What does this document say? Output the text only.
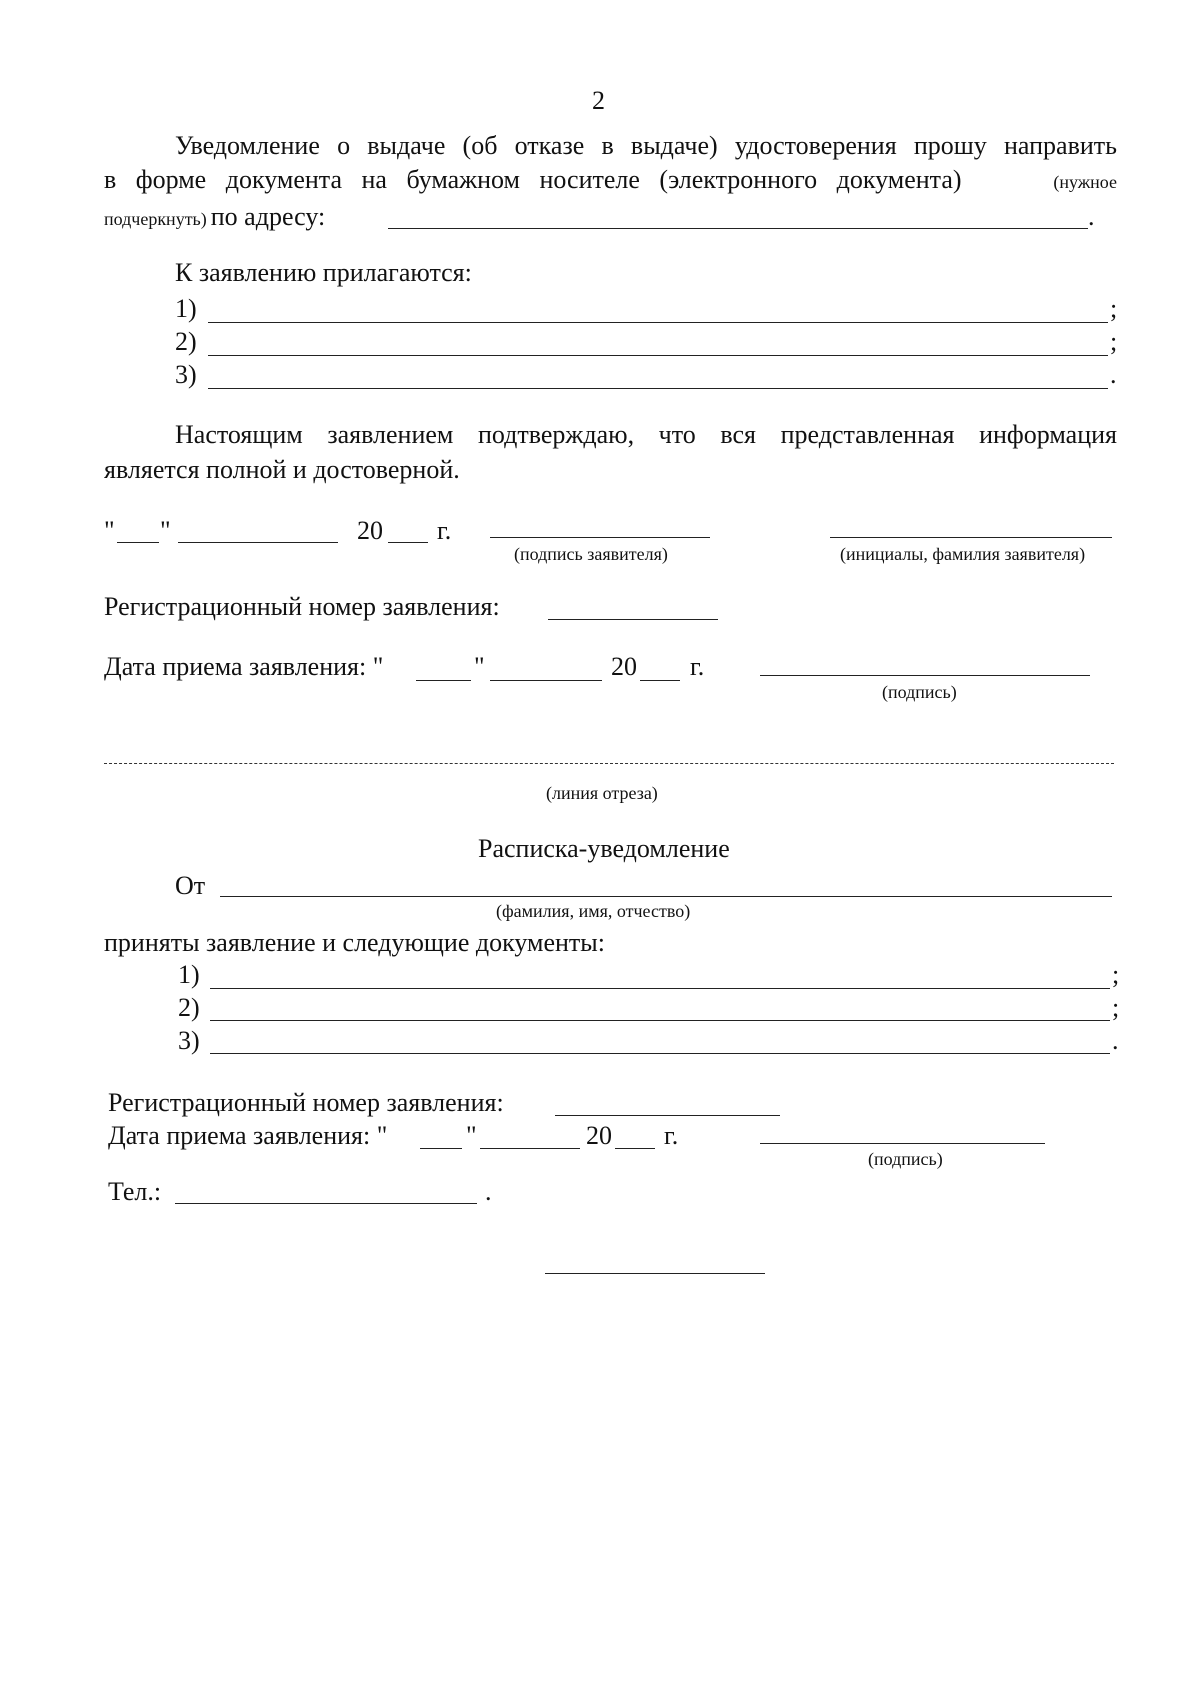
2
Уведомление о выдаче (об отказе в выдаче) удостоверения прошу направить
в форме документа на бумажном носителе (электронного документа)	(нужное
подчеркнуть) по адресу:	.
К заявлению прилагаются:
1)	;
2)	;
3)	.
Настоящим заявлением подтверждаю, что вся представленная информация
является полной и достоверной.
" "	20 г.
(подпись заявителя)	(инициалы, фамилия заявителя)
Регистрационный номер заявления:
Дата приема заявления: "	"	20 г.
(подпись)
(линия отреза)
Расписка-уведомление
От
(фамилия, имя, отчество)
приняты заявление и следующие документы:
1)	;
2)	;
3)	.
Регистрационный номер заявления:
Дата приема заявления: "	"	20 г.
(подпись)
Тел.:	.
